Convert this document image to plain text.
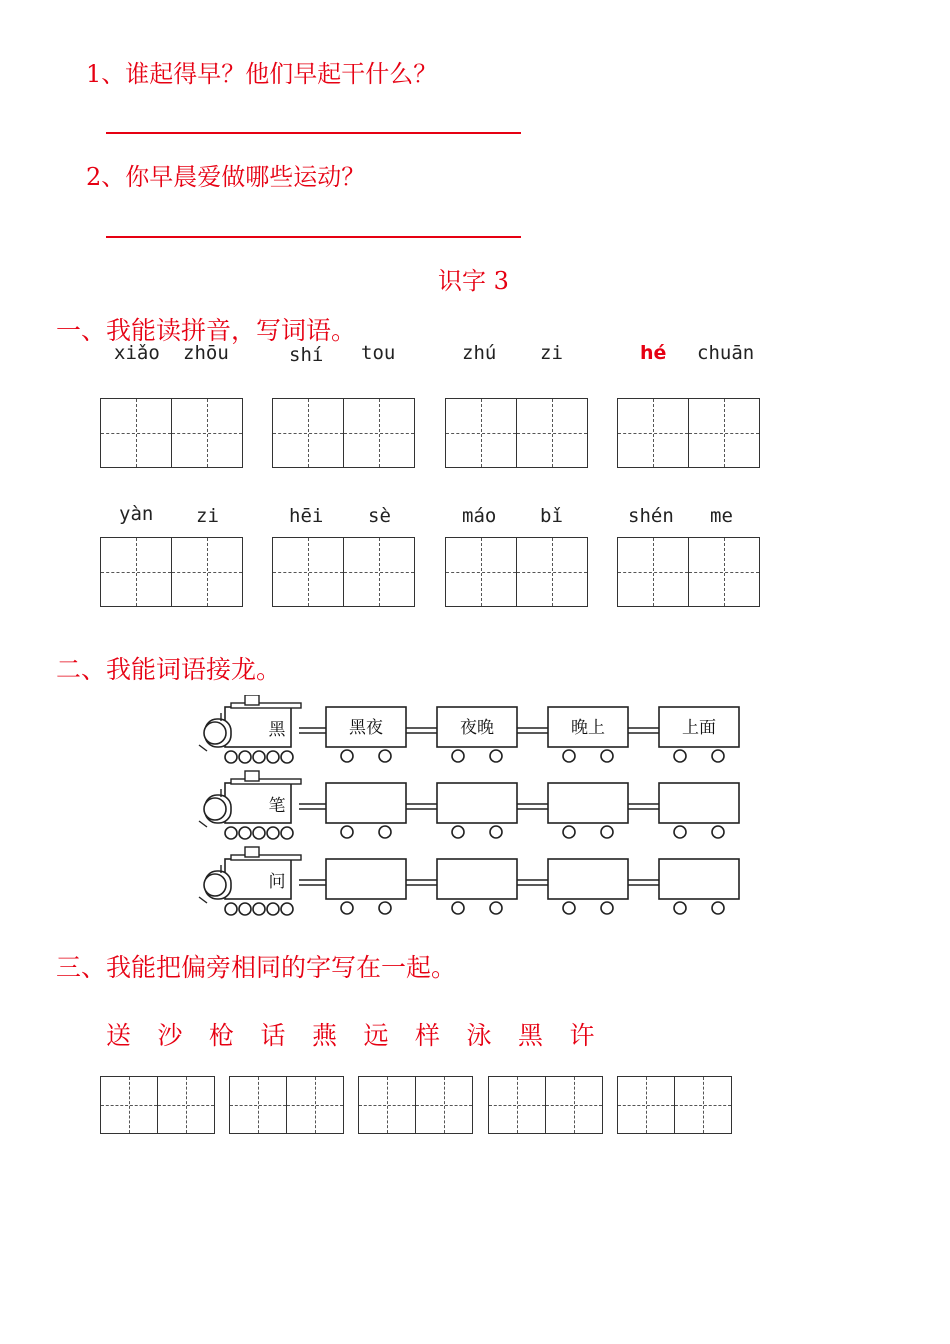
1、谁起得早？他们早起干什么？
2、你早晨爱做哪些运动？
识字 3
一、我能读拼音，写词语。
xiǎo zhōu	shí tou	zhú zi	hé chuān
yàn zi	hēi sè	máo bǐ	shén me
二、我能词语接龙。
黑	黑夜	夜晚	晚上	上面
笔
问
三、我能把偏旁相同的字写在一起。
送 沙 枪 话 燕 远 样 泳 黑 许
